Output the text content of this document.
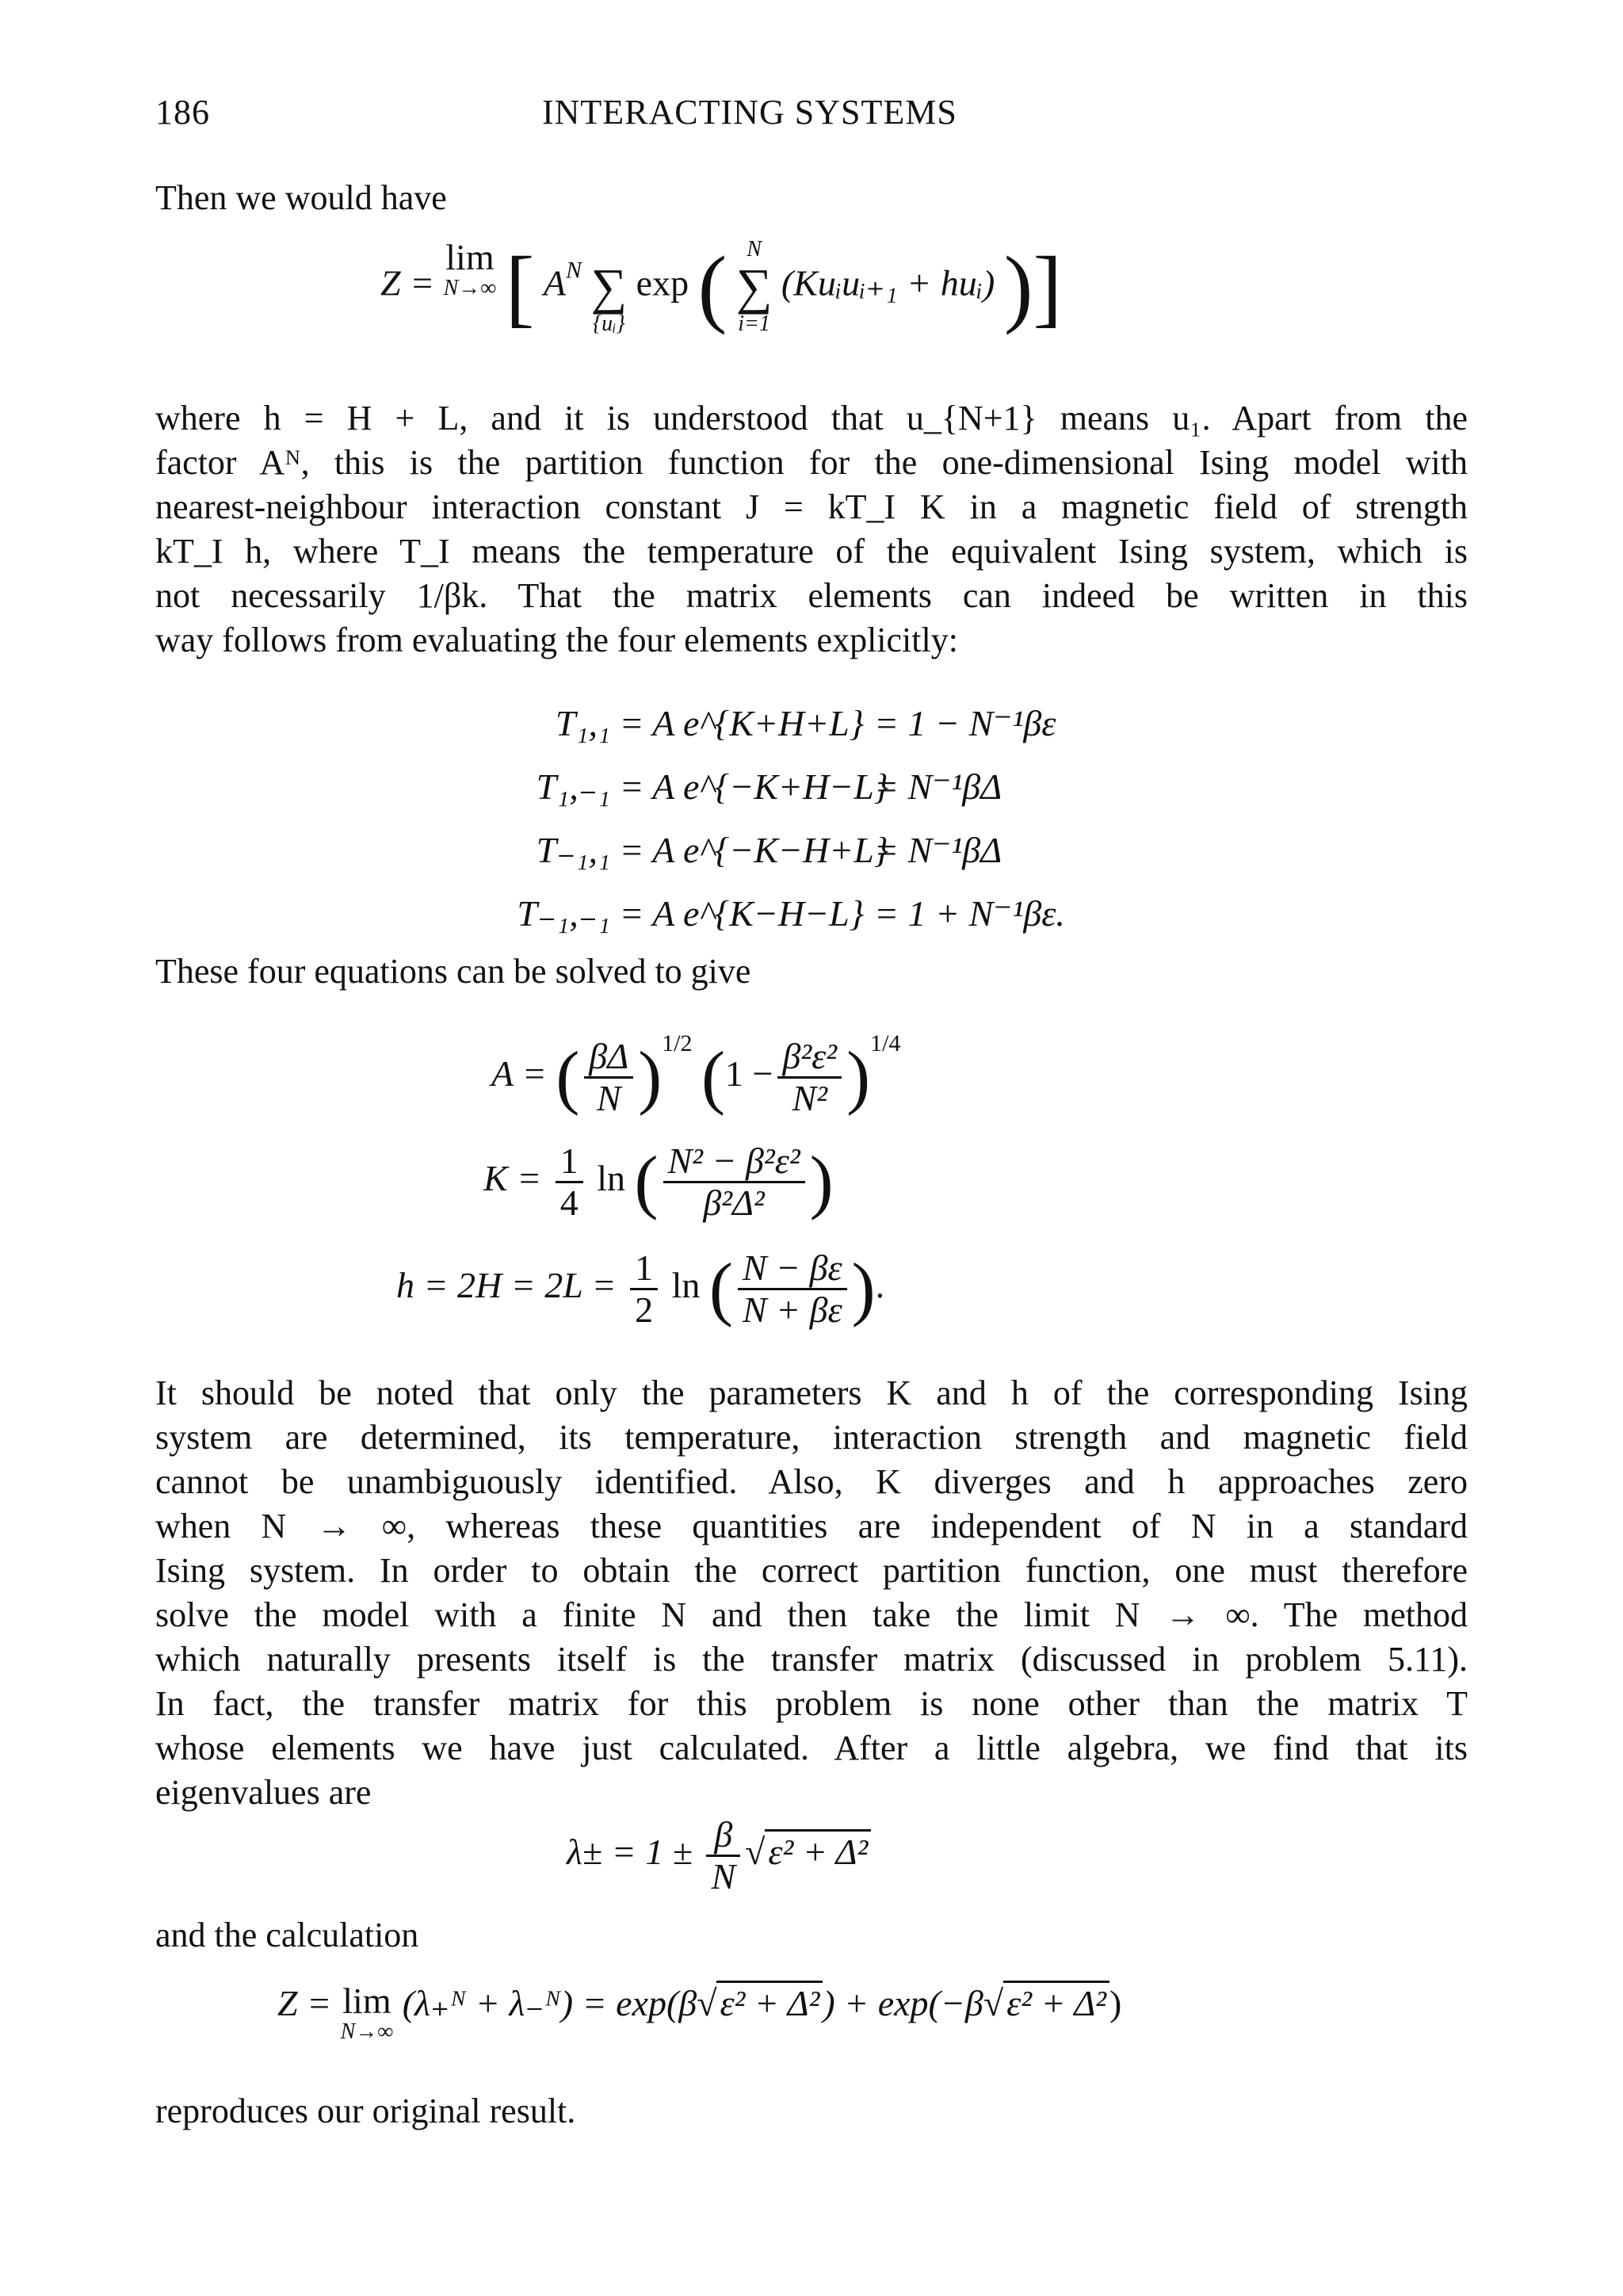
186	INTERACTING SYSTEMS
Then we would have
Z = lim
N→∞ [ $A^N$
∑
{uᵢ}
exp ( N
∑
i=1
(Kuᵢuᵢ₊₁ + huᵢ) )]
where h = H + L, and it is understood that u_{N+1} means u₁. Apart from the
factor Aᴺ, this is the partition function for the one-dimensional Ising model with
nearest-neighbour interaction constant J = kT_I K in a magnetic field of strength
kT_I h, where T_I means the temperature of the equivalent Ising system, which is
not necessarily 1/βk. That the matrix elements can indeed be written in this
way follows from evaluating the four elements explicitly:
T₁,₁ = A e^{K+H+L} = 1 − N⁻¹βε
T₁,₋₁ = A e^{−K+H−L} = N⁻¹βΔ
T₋₁,₁ = A e^{−K−H+L} = N⁻¹βΔ
T₋₁,₋₁ = A e^{K−H−L} = 1 + N⁻¹βε.
These four equations can be solved to give
A = ( $\frac{\beta\Delta}{N} )^{1/2}$ $(1 - \frac{\text{β²ε²}}{\text{N²}} )^{1/4}$
$K = \frac{1}{4}$ ln ( $\frac{\text{N² − β²ε²}}{\text{β²Δ²}}$ )
$h = 2H = 2L = \frac{1}{2}$ ln ( $\frac{N - \beta\varepsilon}{N + \beta\varepsilon}$ ).
It should be noted that only the parameters K and h of the corresponding Ising
system are determined, its temperature, interaction strength and magnetic field
cannot be unambiguously identified. Also, K diverges and h approaches zero
when N → ∞, whereas these quantities are independent of N in a standard
Ising system. In order to obtain the correct partition function, one must therefore
solve the model with a finite N and then take the limit N → ∞. The method
which naturally presents itself is the transfer matrix (discussed in problem 5.11).
In fact, the transfer matrix for this problem is none other than the matrix T
whose elements we have just calculated. After a little algebra, we find that its
eigenvalues are
$\lambda\pm = 1 \pm \frac{\beta}{N} √\varepsilon^2 + \Delta^2$
and the calculation
Z = lim
N→∞
(λ₊ᴺ + λ₋ᴺ) = exp(β√ε² + Δ²) + exp(−β√ε² + Δ²)
reproduces our original result.
